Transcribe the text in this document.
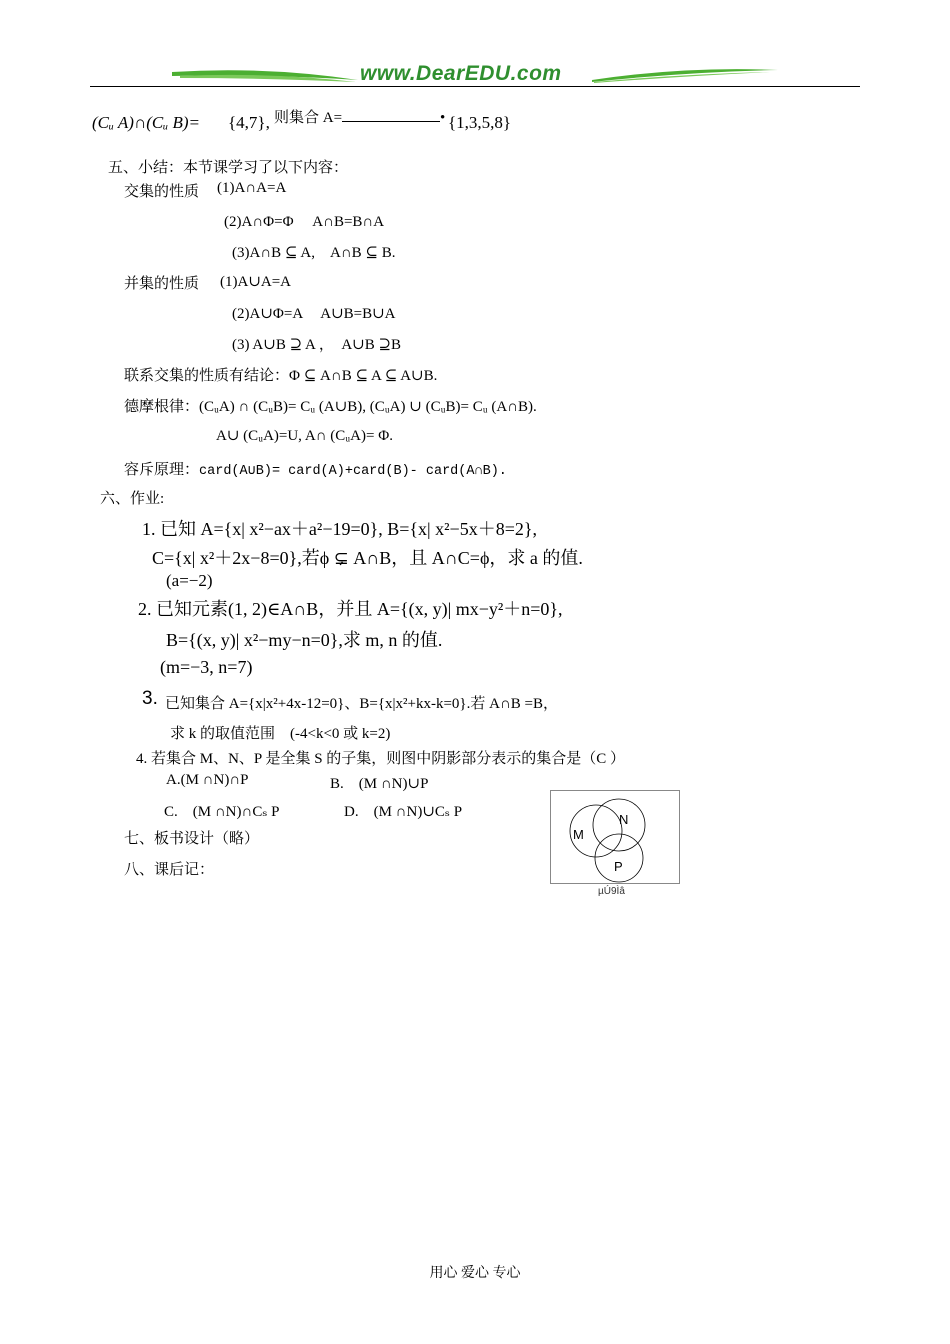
www.DearEDU.com
(Cᵤ A)∩(Cᵤ B)= {4,7}, 则集合 A=	• {1,3,5,8}
五、小结：本节课学习了以下内容：
交集的性质 (1)A∩A=A
(2)A∩Φ=Φ　 A∩B=B∩A
(3)A∩B ⊆ A,　A∩B ⊆ B.
并集的性质 (1)A∪A=A
(2)A∪Φ=A　 A∪B=B∪A
(3) A∪B ⊇ A ，　A∪B ⊇B
联系交集的性质有结论：Φ ⊆ A∩B ⊆ A ⊆ A∪B.
德摩根律：(CᵤA) ∩ (CᵤB)= Cᵤ (A∪B), (CᵤA) ∪ (CᵤB)= Cᵤ (A∩B).
A∪ (CᵤA)=U, A∩ (CᵤA)= Φ.
容斥原理：card(A∪B)= card(A)+card(B)- card(A∩B).
六、作业:
1. 已知 A={x| x²−ax＋a²−19=0}, B={x| x²−5x＋8=2},
C={x| x²＋2x−8=0},若ϕ ⊊ A∩B，且 A∩C=ϕ，求 a 的值.
(a=−2)
2. 已知元素(1, 2)∈A∩B，并且 A={(x, y)| mx−y²＋n=0},
B={(x, y)| x²−my−n=0},求 m, n 的值.
(m=−3, n=7)
3. 已知集合 A={x|x²+4x-12=0}、B={x|x²+kx-k=0}.若 A∩B =B，
求 k 的取值范围　(-4<k<0 或 k=2)
4. 若集合 M、N、P 是全集 S 的子集，则图中阴影部分表示的集合是（C ）
A.(M ∩N)∩P	B.　(M ∩N)∪P
C.　(M ∩N)∩Cₛ P	D.　(M ∩N)∪Cₛ P
七、板书设计（略）
八、课后记：
M
N
P
µÚ9Ìâ
用心 爱心 专心
